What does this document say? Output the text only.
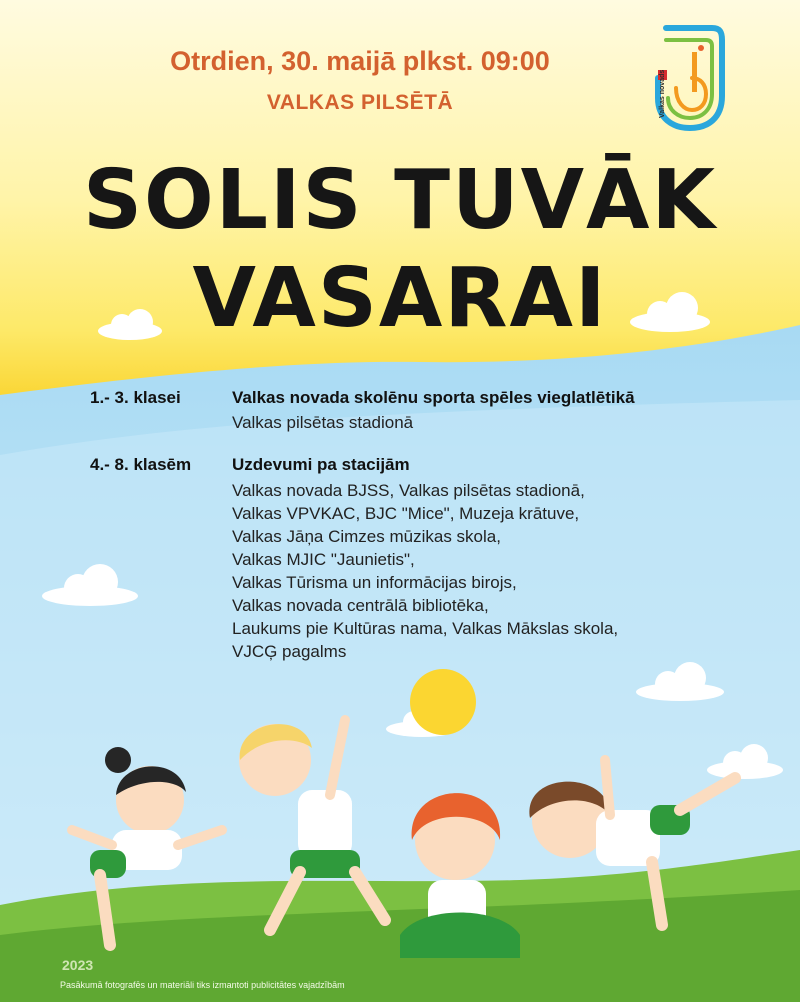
Otrdien, 30. maijā plkst. 09:00
VALKAS PILSĒTĀ	Valkas novads
SOLIS TUVĀK
VASARAI
1.- 3. klasei	Valkas novada skolēnu sporta spēles vieglatlētikā
Valkas pilsētas stadionā
4.- 8. klasēm Uzdevumi pa stacijām
Valkas novada BJSS, Valkas pilsētas stadionā,
Valkas VPVKAC, BJC "Mice", Muzeja krātuve,
Valkas Jāņa Cimzes mūzikas skola,
Valkas MJIC "Jaunietis",
Valkas Tūrisma un informācijas birojs,
Valkas novada centrālā bibliotēka,
Laukums pie Kultūras nama, Valkas Mākslas skola,
VJCĢ pagalms
2023
Pasākumā fotografēs un materiāli tiks izmantoti publicitātes vajadzībām
